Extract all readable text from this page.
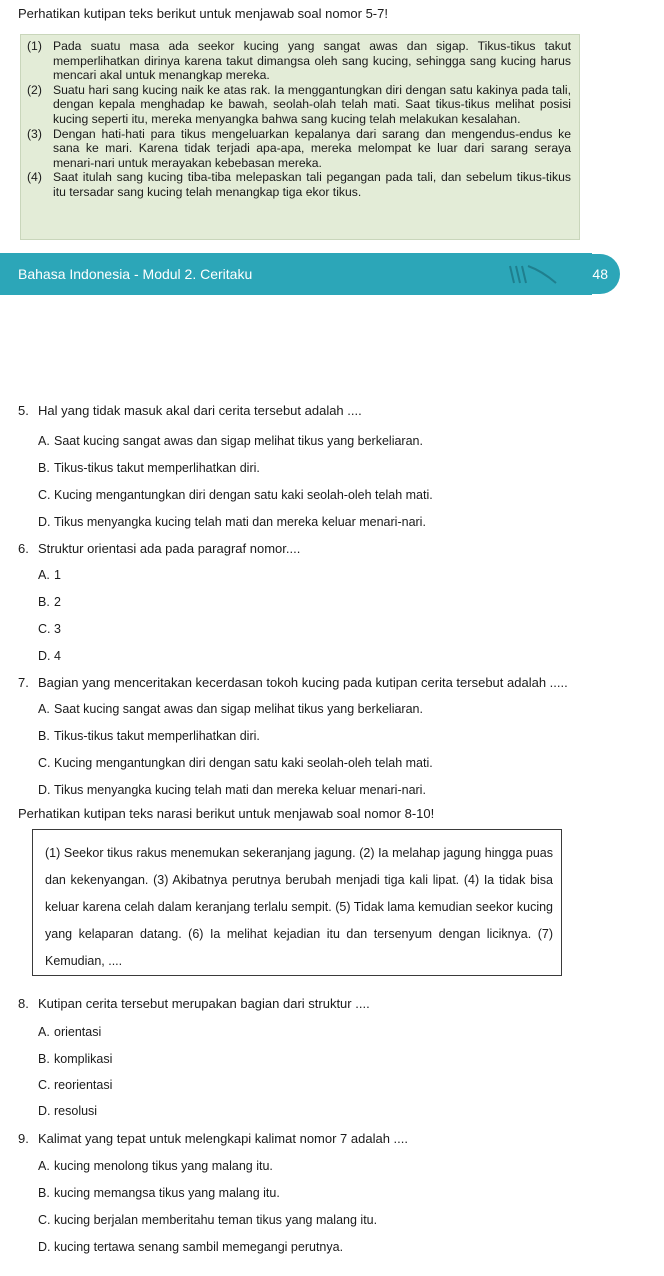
Perhatikan kutipan teks berikut untuk menjawab soal nomor 5-7!
(1) Pada suatu masa ada seekor kucing yang sangat awas dan sigap. Tikus-tikus takut memperlihatkan dirinya karena takut dimangsa oleh sang kucing, sehingga sang kucing harus mencari akal untuk menangkap mereka.
(2) Suatu hari sang kucing naik ke atas rak. Ia menggantungkan diri dengan satu kakinya pada tali, dengan kepala menghadap ke bawah, seolah-olah telah mati. Saat tikus-tikus melihat posisi kucing seperti itu, mereka menyangka bahwa sang kucing telah melakukan kesalahan.
(3) Dengan hati-hati para tikus mengeluarkan kepalanya dari sarang dan mengendus-endus ke sana ke mari. Karena tidak terjadi apa-apa, mereka melompat ke luar dari sarang seraya menari-nari untuk merayakan kebebasan mereka.
(4) Saat itulah sang kucing tiba-tiba melepaskan tali pegangan pada tali, dan sebelum tikus-tikus itu tersadar sang kucing telah menangkap tiga ekor tikus.
Bahasa Indonesia - Modul 2. Ceritaku	48
5. Hal yang tidak masuk akal dari cerita tersebut adalah ....
A. Saat kucing sangat awas dan sigap melihat tikus yang berkeliaran.
B. Tikus-tikus takut memperlihatkan diri.
C. Kucing mengantungkan diri dengan satu kaki seolah-oleh telah mati.
D. Tikus menyangka kucing telah mati dan mereka keluar menari-nari.
6. Struktur orientasi ada pada paragraf nomor....
A. 1
B. 2
C. 3
D. 4
7. Bagian yang menceritakan kecerdasan tokoh kucing pada kutipan cerita tersebut adalah .....
A. Saat kucing sangat awas dan sigap melihat tikus yang berkeliaran.
B. Tikus-tikus takut memperlihatkan diri.
C. Kucing mengantungkan diri dengan satu kaki seolah-oleh telah mati.
D. Tikus menyangka kucing telah mati dan mereka keluar menari-nari.
Perhatikan kutipan teks narasi berikut untuk menjawab soal nomor 8-10!
(1) Seekor tikus rakus menemukan sekeranjang jagung. (2) Ia melahap jagung hingga puas dan kekenyangan. (3) Akibatnya perutnya berubah menjadi tiga kali lipat. (4) Ia tidak bisa keluar karena celah dalam keranjang terlalu sempit. (5) Tidak lama kemudian seekor kucing yang kelaparan datang. (6) Ia melihat kejadian itu dan tersenyum dengan liciknya. (7) Kemudian, ....
8. Kutipan cerita tersebut merupakan bagian dari struktur ....
A. orientasi
B. komplikasi
C. reorientasi
D. resolusi
9. Kalimat yang tepat untuk melengkapi kalimat nomor 7 adalah ....
A. kucing menolong tikus yang malang itu.
B. kucing memangsa tikus yang malang itu.
C. kucing berjalan memberitahu teman tikus yang malang itu.
D. kucing tertawa senang sambil memegangi perutnya.
